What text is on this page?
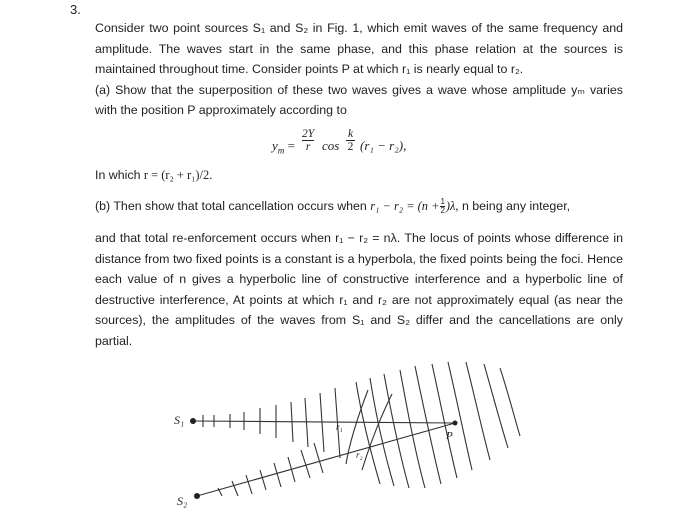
3.
Consider two point sources S₁ and S₂ in Fig. 1, which emit waves of the same frequency and amplitude. The waves start in the same phase, and this phase relation at the sources is maintained throughout time. Consider points P at which r₁ is nearly equal to r₂.
(a) Show that the superposition of these two waves gives a wave whose amplitude yₘ varies with the position P approximately according to
$y_m$ =
2Y
r cos
k
2 (r₁ − r₂),
In which r = (r₂ + r₁)/2.
(b) Then show that total cancellation occurs when $r_1 - r_2 = (n + \frac{1}{2} )\lambda$, n being any integer,
and that total re-enforcement occurs when r₁ − r₂ = nλ. The locus of points whose difference in distance from two fixed points is a constant is a hyperbola, the fixed points being the foci. Hence each value of n gives a hyperbolic line of constructive interference and a hyperbolic line of destructive interference, At points at which r₁ and r₂ are not approximately equal (as near the sources), the amplitudes of the waves from S₁ and S₂ differ and the cancellations are only partial.
S₁
S₂
r₁
r₂
P
